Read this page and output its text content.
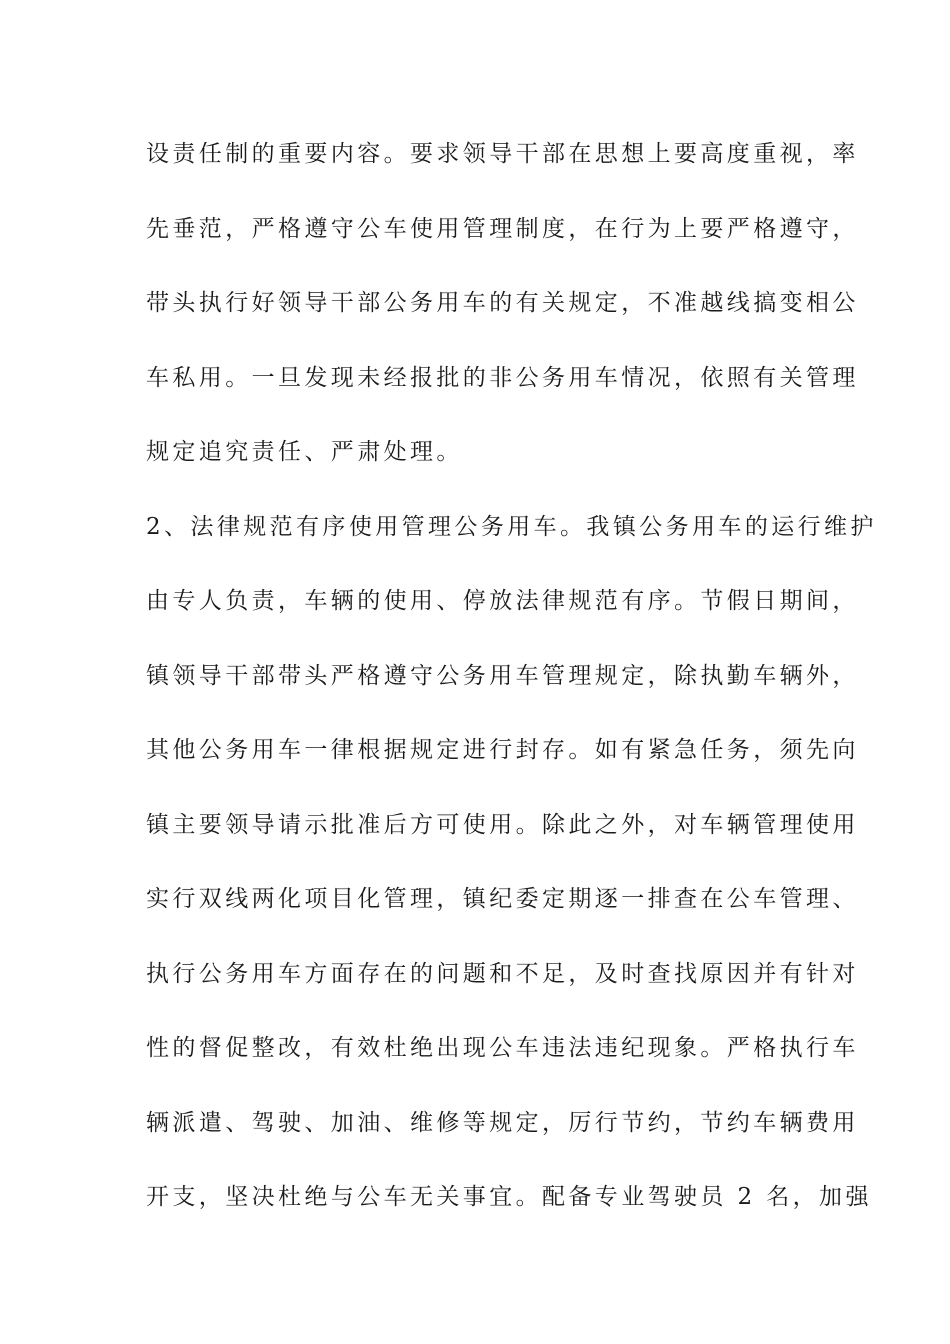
设责任制的重要内容。要求领导干部在思想上要高度重视，率
先垂范，严格遵守公车使用管理制度，在行为上要严格遵守，
带头执行好领导干部公务用车的有关规定，不准越线搞变相公
车私用。一旦发现未经报批的非公务用车情况，依照有关管理
规定追究责任、严肃处理。
2、法律规范有序使用管理公务用车。我镇公务用车的运行维护
由专人负责，车辆的使用、停放法律规范有序。节假日期间，
镇领导干部带头严格遵守公务用车管理规定，除执勤车辆外，
其他公务用车一律根据规定进行封存。如有紧急任务，须先向
镇主要领导请示批准后方可使用。除此之外，对车辆管理使用
实行双线两化项目化管理，镇纪委定期逐一排查在公车管理、
执行公务用车方面存在的问题和不足，及时查找原因并有针对
性的督促整改，有效杜绝出现公车违法违纪现象。严格执行车
辆派遣、驾驶、加油、维修等规定，厉行节约，节约车辆费用
开支，坚决杜绝与公车无关事宜。配备专业驾驶员 2 名，加强
